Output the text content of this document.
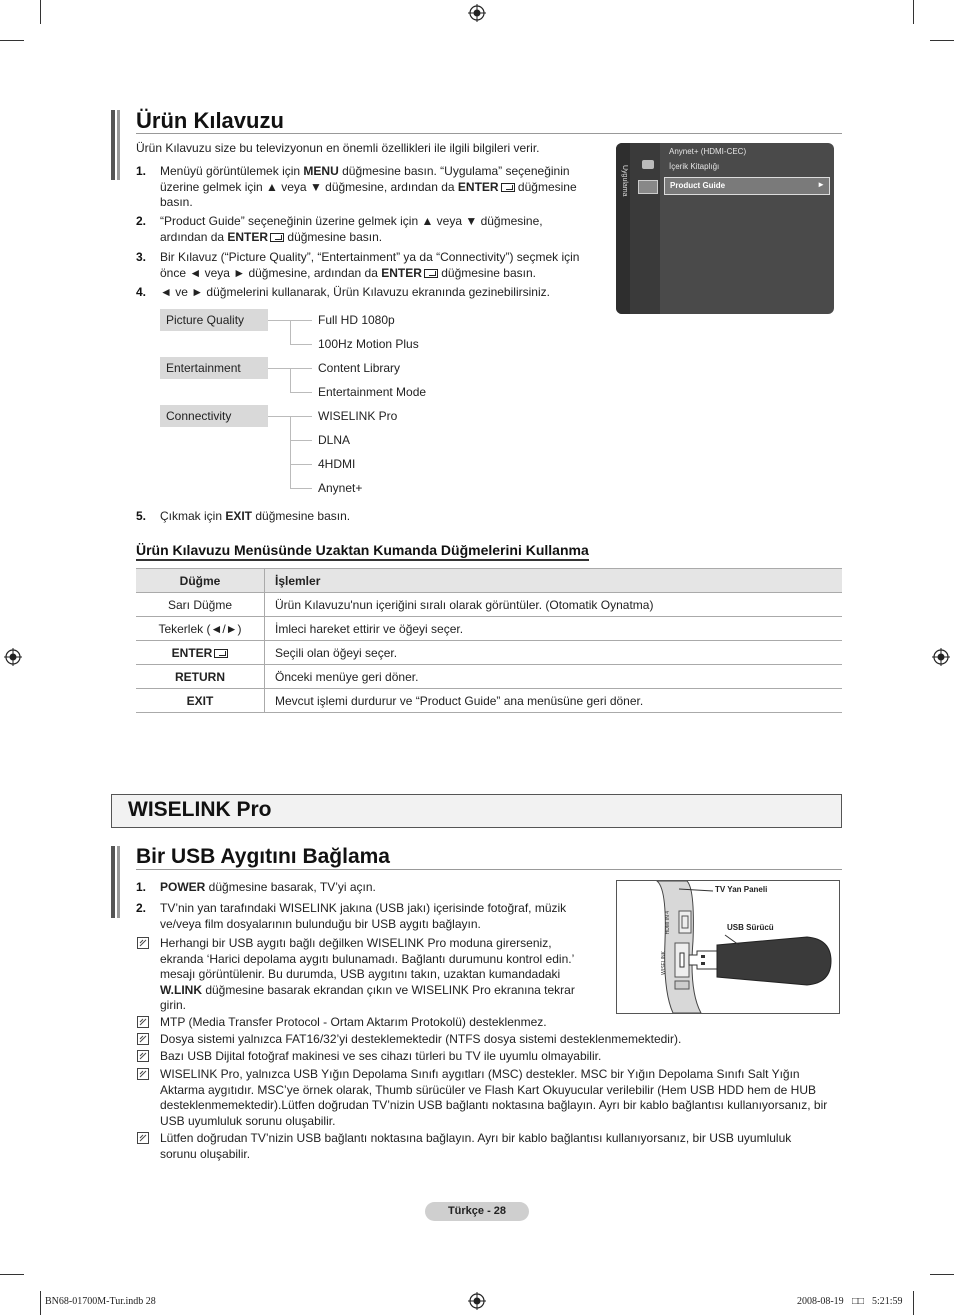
Ürün Kılavuzu
Ürün Kılavuzu size bu televizyonun en önemli özellikleri ile ilgili bilgileri verir.
1. Menüyü görüntülemek için MENU düğmesine basın. “Uygulama” seçeneğinin
üzerine gelmek için ▲ veya ▼ düğmesine, ardından da ENTER düğmesine
basın.
2. “Product Guide” seçeneğinin üzerine gelmek için ▲ veya ▼ düğmesine,
ardından da ENTER düğmesine basın.
3. Bir Kılavuz (“Picture Quality”, “Entertainment” ya da “Connectivity”) seçmek için
önce ◄ veya ► düğmesine, ardından da ENTER düğmesine basın.
4. ◄ ve ► düğmelerini kullanarak, Ürün Kılavuzu ekranında gezinebilirsiniz.
Uygulama
Anynet+ (HDMI-CEC)
İçerik Kitaplığı
Product Guide	►
Picture Quality
Entertainment
Connectivity
Full HD 1080p
100Hz Motion Plus
Content Library
Entertainment Mode
WISELINK Pro
DLNA
4HDMI
Anynet+
5. Çıkmak için EXIT düğmesine basın.
Ürün Kılavuzu Menüsünde Uzaktan Kumanda Düğmelerini Kullanma
Düğme	İşlemler
Sarı Düğme	Ürün Kılavuzu'nun içeriğini sıralı olarak görüntüler. (Otomatik Oynatma)
Tekerlek (◄/►)	İmleci hareket ettirir ve öğeyi seçer.
ENTER	Seçili olan öğeyi seçer.
RETURN	Önceki menüye geri döner.
EXIT	Mevcut işlemi durdurur ve “Product Guide” ana menüsüne geri döner.
WISELINK Pro
Bir USB Aygıtını Bağlama
1. POWER düğmesine basarak, TV’yi açın.
2. TV’nin yan tarafındaki WISELINK jakına (USB jakı) içerisinde fotoğraf, müzik
ve/veya film dosyalarının bulunduğu bir USB aygıtı bağlayın.
Herhangi bir USB aygıtı bağlı değilken WISELINK Pro moduna girerseniz,
ekranda ‘Harici depolama aygıtı bulunamadı. Bağlantı durumunu kontrol edin.’
mesajı görüntülenir. Bu durumda, USB aygıtını takın, uzaktan kumandadaki
W.LINK düğmesine basarak ekrandan çıkın ve WISELINK Pro ekranına tekrar
girin.
MTP (Media Transfer Protocol - Ortam Aktarım Protokolü) desteklenmez.
Dosya sistemi yalnızca FAT16/32’yi desteklemektedir (NTFS dosya sistemi desteklenmemektedir).
Bazı USB Dijital fotoğraf makinesi ve ses cihazı türleri bu TV ile uyumlu olmayabilir.
WISELINK Pro, yalnızca USB Yığın Depolama Sınıfı aygıtları (MSC) destekler. MSC bir Yığın Depolama Sınıfı Salt Yığın
Aktarma aygıtıdır. MSC’ye örnek olarak, Thumb sürücüler ve Flash Kart Okuyucular verilebilir (Hem USB HDD hem de HUB
desteklenmemektedir).Lütfen doğrudan TV’nizin USB bağlantı noktasına bağlayın. Ayrı bir kablo bağlantısı kullanıyorsanız, bir
USB uyumluluk sorunu oluşabilir.
Lütfen doğrudan TV’nizin USB bağlantı noktasına bağlayın. Ayrı bir kablo bağlantısı kullanıyorsanız, bir USB uyumluluk
sorunu oluşabilir.
TV Yan Paneli
USB Sürücü
WISELINK
HDMI IN 4
Türkçe - 28
BN68-01700M-Tur.indb 28	2008-08-19 □□ 5:21:59
